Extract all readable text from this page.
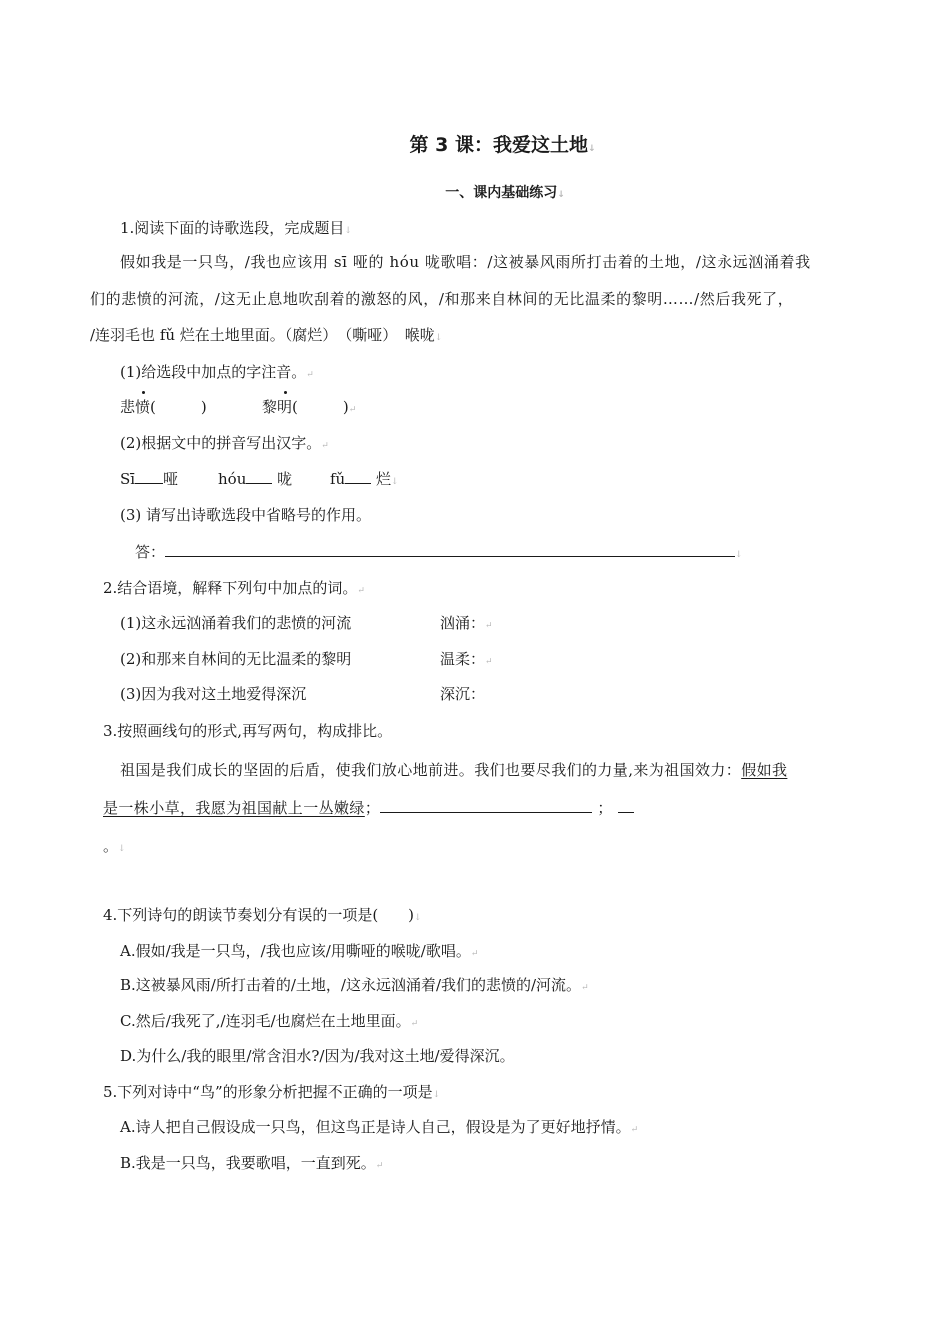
第 3 课：我爱这土地↓
一、课内基础练习↓
1.阅读下面的诗歌选段，完成题目↓
假如我是一只鸟，/我也应该用 sī 哑的 hóu 咙歌唱：/这被暴风雨所打击着的土地，/这永远汹涌着我
们的悲愤的河流，/这无止息地吹刮着的激怒的风，/和那来自林间的无比温柔的黎明……/然后我死了，
/连羽毛也 fǔ 烂在土地里面。（腐烂）　（嘶哑）　喉咙↓
(1)给选段中加点的字注音。↵
悲愤(　　　)	黎明(　　　)↵
(2)根据文中的拼音写出汉字。↵
Sī 哑	hóu 咙	fǔ 烂↓
(3) 请写出诗歌选段中省略号的作用。
答：	↓
2.结合语境，解释下列句中加点的词。↵
(1)这永远汹涌着我们的悲愤的河流	汹涌：↵
(2)和那来自林间的无比温柔的黎明	温柔：↵
(3)因为我对这土地爱得深沉	深沉：
3.按照画线句的形式,再写两句，构成排比。
祖国是我们成长的坚固的后盾，使我们放心地前进。我们也要尽我们的力量,来为祖国效力：假如我
是一株小草，我愿为祖国献上一丛嫩绿；	；
。↓
4.下列诗句的朗读节奏划分有误的一项是(　　)↓
A.假如/我是一只鸟，/我也应该/用嘶哑的喉咙/歌唱。↵
B.这被暴风雨/所打击着的/土地，/这永远汹涌着/我们的悲愤的/河流。↵
C.然后/我死了,/连羽毛/也腐烂在土地里面。↵
D.为什么/我的眼里/常含泪水?/因为/我对这土地/爱得深沉。
5.下列对诗中“鸟”的形象分析把握不正确的一项是↓
A.诗人把自己假设成一只鸟，但这鸟正是诗人自己，假设是为了更好地抒情。↵
B.我是一只鸟，我要歌唱，一直到死。↵
